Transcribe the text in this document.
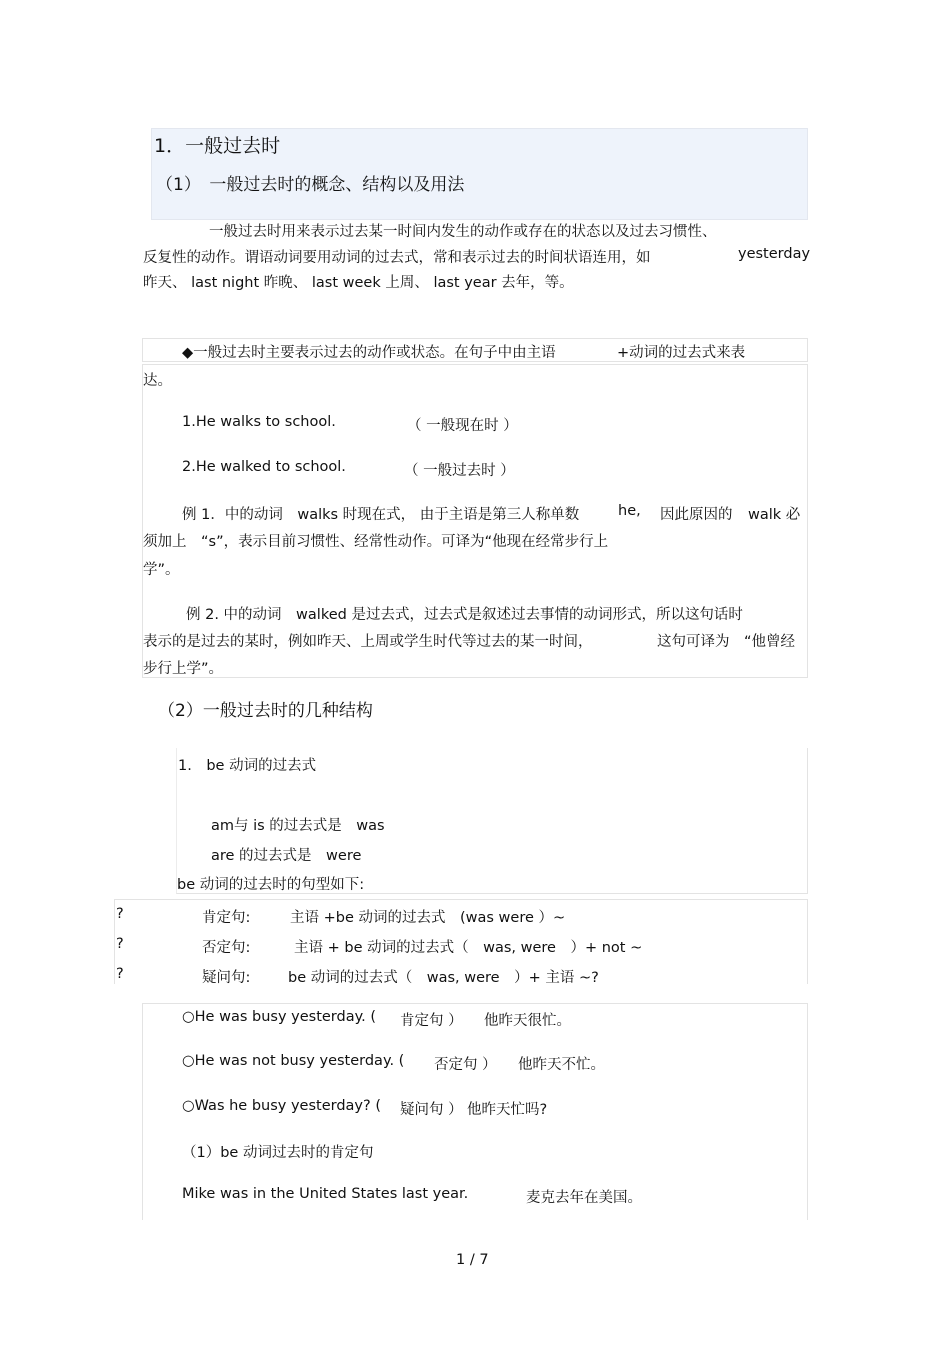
1．一般过去时
（1）　一般过去时的概念、结构以及用法
一般过去时用来表示过去某一时间内发生的动作或存在的状态以及过去习惯性、
反复性的动作。谓语动词要用动词的过去式，常和表示过去的时间状语连用，如	yesterday
昨天、 last night 昨晚、 last week 上周、 last year 去年，等。
◆一般过去时主要表示过去的动作或状态。在句子中由主语	+动词的过去式来表
达。
1.He walks to school.	（ 一般现在时 ）
2.He walked to school.	（ 一般过去时 ）
例 1．中的动词　walks 时现在式， 由于主语是第三人称单数	he, 因此原因的 walk 必
须加上　“s”，表示目前习惯性、经常性动作。可译为“他现在经常步行上
学”。
例 2. 中的动词　walked 是过去式，过去式是叙述过去事情的动词形式，所以这句话时
表示的是过去的某时，例如昨天、上周或学生时代等过去的某一时间，	这句可译为　“他曾经
步行上学”。
（2）一般过去时的几种结构
1.　be 动词的过去式
am与 is 的过去式是　was
are 的过去式是　were
be 动词的过去时的句型如下:
?	肯定句:	主语 +be 动词的过去式　(was were ）~
?	否定句:	主语 + be 动词的过去式（　was, were　）+ not ~
?	疑问句:	be 动词的过去式（　was, were　）+ 主语 ~?
○He was busy yesterday. ( 肯定句 ） 他昨天很忙。
○He was not busy yesterday. ( 否定句 ） 他昨天不忙。
○Was he busy yesterday? ( 疑问句 ） 他昨天忙吗?
（1）be 动词过去时的肯定句
Mike was in the United States last year.	麦克去年在美国。
1 / 7
